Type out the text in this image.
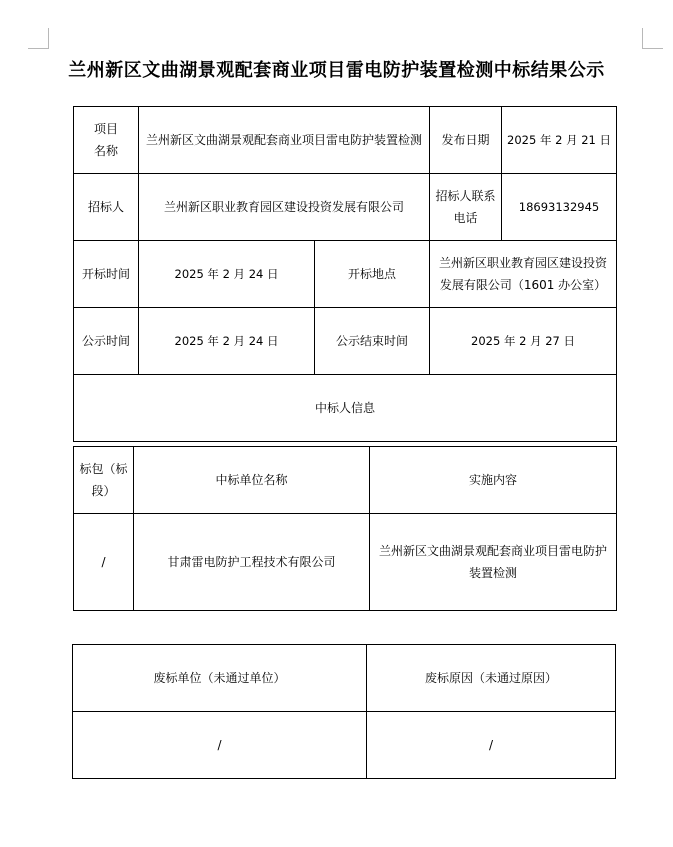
兰州新区文曲湖景观配套商业项目雷电防护装置检测中标结果公示
项目名称	兰州新区文曲湖景观配套商业项目雷电防护装置检测		发布日期	2025 年 2 月 21 日
招标人	兰州新区职业教育园区建设投资发展有限公司		招标人联系电话	18693132945
开标时间	2025 年 2 月 24 日	开标地点	兰州新区职业教育园区建设投资发展有限公司（1601 办公室）	
公示时间	2025 年 2 月 24 日	公示结束时间	2025 年 2 月 27 日	
中标人信息				
标包（标段）	中标单位名称	实施内容
/	甘肃雷电防护工程技术有限公司	兰州新区文曲湖景观配套商业项目雷电防护装置检测
废标单位（未通过单位）	废标原因（未通过原因）
/	/
